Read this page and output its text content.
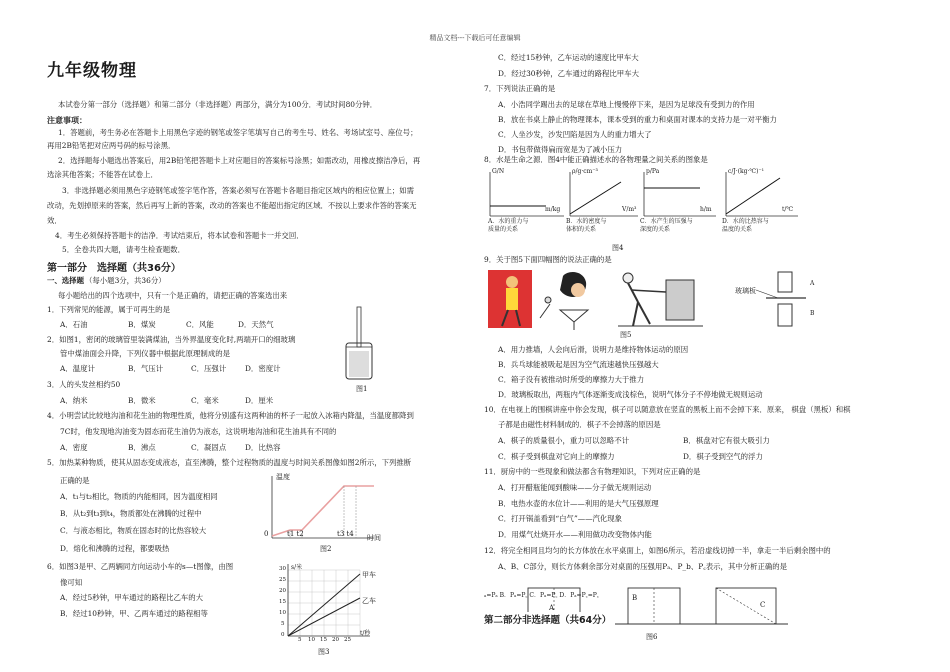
精品文档---下载后可任意编辑
九年级物理
本试卷分第一部分（选择题）和第二部分（非选择题）两部分，满分为100分．考试时间80分钟．
注意事项：
1．答题前，考生务必在答题卡上用黑色字迹的钢笔或签字笔填写自己的考生号、姓名、考场试室号、座位号；
再用2B铅笔把对应两号码的标号涂黑．
2．选择题每小题选出答案后，用2B铅笔把答题卡上对应题目的答案标号涂黑；如需改动，用橡皮擦洁净后，再
选涂其他答案；不能答在试卷上．
3．非选择题必须用黑色字迹钢笔或签字笔作答，答案必须写在答题卡各题目指定区域内的相应位置上；如需
改动，先划掉原来的答案，然后再写上新的答案，改动的答案也不能超出指定的区域．不按以上要求作答的答案无
效．
4．考生必须保持答题卡的洁净．考试结束后，将本试卷和答题卡一并交回．
5．全卷共四大题，请考生检查题数．
第一部分　选择题（共36分）
一、选择题 （每小题3分，共36分）
每小题给出的四个选项中，只有一个是正确的，请把正确的答案选出来
1．下列常见的能源，属于可再生的是
A．石油	B．煤炭	C．风能	D．天然气
2．如图1，密闭的玻璃管里装满煤油，当外界温度变化时,两端开口的细玻璃
管中煤油面会升降，下列仪器中根据此原理制成的是
A．温度计	B．气压计	C．压强计	D．密度计
图1
3．人的头发丝相约50
A．纳米	B．微米	C．毫米	D．厘米
4．小明尝试比较地沟油和花生油的物理性质，他将分别盛有这两种油的杯子一起放入冰箱内降温，当温度都降到
7C时，他发现地沟油变为固态而花生油仍为液态，这说明地沟油和花生油具有不同的
A．密度	B．沸点	C．凝固点	D．比热容
5．加热某种物质，使其从固态变成液态，直至沸腾，整个过程物质的温度与时间关系图像如图2所示，下列推断
正确的是
A．t₁与t₂相比，物质的内能相同，因为温度相同
B．从t₂到t₃到t₄，物质都处在沸腾的过程中
C．与液态相比，物质在固态时的比热容较大
D．熔化和沸腾的过程，都要吸热
温度
时间
0	t1 t2	t3 t4
图2
6．如图3是甲、乙两辆同方向运动小车的s—t图像，由图
像可知
A．经过5秒钟，甲车通过的路程比乙车的大
B．经过10秒钟，甲、乙两车通过的路程相等
s/米
t/秒
甲车
乙车
0
5
10
15
20
25
30
5 10 15 20 25
图3
C．经过15秒钟，乙车运动的速度比甲车大
D．经过30秒钟，乙车通过的路程比甲车大
7．下列说法正确的是
A．小浩同学踢出去的足球在草地上慢慢停下来，是因为足球没有受到力的作用
B．放在书桌上静止的物理课本，课本受到的重力和桌面对课本的支持力是一对平衡力
C．人坐沙发，沙发凹陷是因为人的重力增大了
D．书包带做得扁而宽是为了减小压力
8．水是生命之源．图4中能正确描述水的各物理量之间关系的图象是
G/N
m/kg
A．水的重力与
质量的关系
ρ/g·cm⁻³
V/m³
B．水的密度与
体积的关系
p/Pa
h/m
C．水产生的压强与
深度的关系
c/J·(kg·℃)⁻¹
t/℃
D．水的比热容与
温度的关系
图4
9．关于图5下面四幅图的说法正确的是
玻璃板
A
B
图5
A．用力推墙，人会向后滑，说明力是维持物体运动的原因
B．兵乓球能被吸起是因为空气流速越快压强越大
C．箱子没有被推动时所受的摩擦力大于推力
D．玻璃板取出，两瓶内气体逐渐变成浅棕色，说明气体分子不停地做无规则运动
10．在电视上的围棋讲座中你会发现，棋子可以随意放在竖直的黑板上而不会掉下来．原来， 棋盘（黑板）和棋
子都是由磁性材料制成的．棋子不会掉落的原因是
A．棋子的质量很小，重力可以忽略不计	B．棋盘对它有很大吸引力
C．棋子受到棋盘对它向上的摩擦力	D．棋子受到空气的浮力
11．厨房中的一些现象和做法都含有物理知识，下列对应正确的是
A．打开醋瓶能闻到酸味——分子做无规则运动
B．电热水壶的水位计——利用的是大气压强原理
C．打开锅盖看到“白气”——汽化现象
D．用煤气灶烧开水——利用做功改变物体内能
12．将完全相同且均匀的长方体放在水平桌面上，如图6所示，若沿虚线切掉一半，拿走一半后剩余图中的
A、B、C部分，则长方体剩余部分对桌面的压强用Pₐ、P_b、P꜀表示，其中分析正确的是
ₐ=Pₐ B．Pₐ=P꜀ C．Pₐ=P꜀ D．Pₐ=P꜀=P꜀
A
B
C
图6
第二部分非选择题（共64分）
